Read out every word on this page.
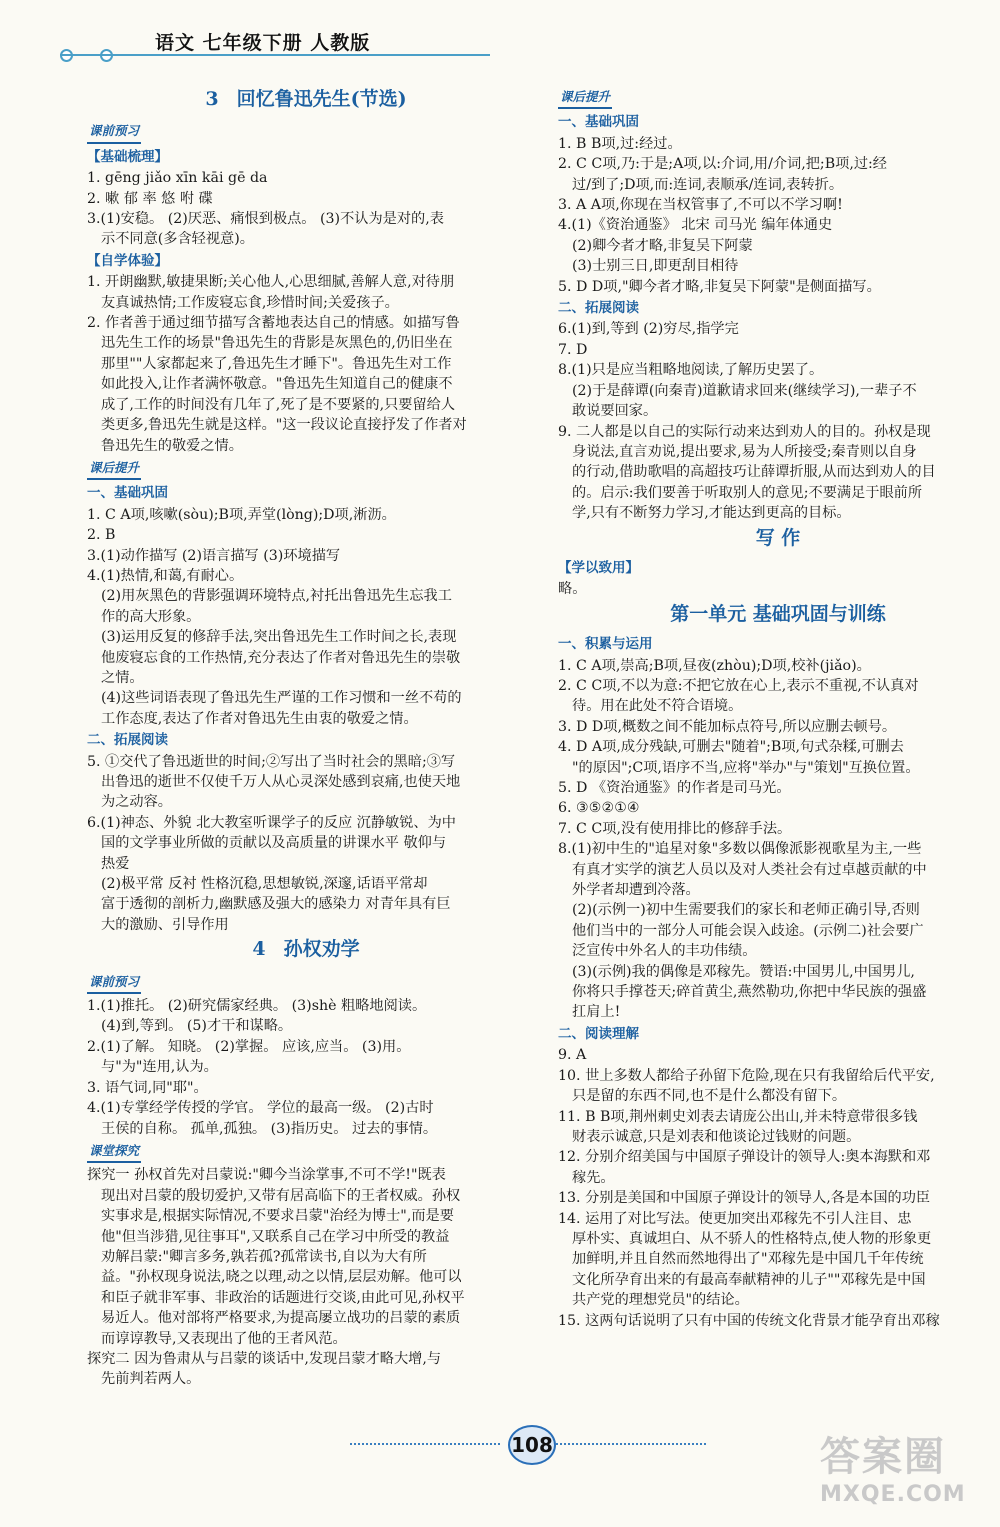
语文 七年级下册 人教版
3 回忆鲁迅先生(节选)
课前预习
【基础梳理】
1. gēng jiǎo xīn kāi gē da
2. 嗽 郁 率 悠 咐 碟
3.(1)安稳。 (2)厌恶、痛恨到极点。 (3)不认为是对的,表
示不同意(多含轻视意)。
【自学体验】
1. 开朗幽默,敏捷果断;关心他人,心思细腻,善解人意,对待朋
友真诚热情;工作废寝忘食,珍惜时间;关爱孩子。
2. 作者善于通过细节描写含蓄地表达自己的情感。如描写鲁
迅先生工作的场景"鲁迅先生的背影是灰黑色的,仍旧坐在
那里""人家都起来了,鲁迅先生才睡下"。鲁迅先生对工作
如此投入,让作者满怀敬意。"鲁迅先生知道自己的健康不
成了,工作的时间没有几年了,死了是不要紧的,只要留给人
类更多,鲁迅先生就是这样。"这一段议论直接抒发了作者对
鲁迅先生的敬爱之情。
课后提升
一、基础巩固
1. C A项,咳嗽(sòu);B项,弄堂(lòng);D项,淅沥。
2. B
3.(1)动作描写 (2)语言描写 (3)环境描写
4.(1)热情,和蔼,有耐心。
(2)用灰黑色的背影强调环境特点,衬托出鲁迅先生忘我工
作的高大形象。
(3)运用反复的修辞手法,突出鲁迅先生工作时间之长,表现
他废寝忘食的工作热情,充分表达了作者对鲁迅先生的崇敬
之情。
(4)这些词语表现了鲁迅先生严谨的工作习惯和一丝不苟的
工作态度,表达了作者对鲁迅先生由衷的敬爱之情。
二、拓展阅读
5. ①交代了鲁迅逝世的时间;②写出了当时社会的黑暗;③写
出鲁迅的逝世不仅使千万人从心灵深处感到哀痛,也使天地
为之动容。
6.(1)神态、外貌 北大教室听课学子的反应 沉静敏锐、为中
国的文学事业所做的贡献以及高质量的讲课水平 敬仰与
热爱
(2)极平常 反衬 性格沉稳,思想敏锐,深邃,话语平常却
富于透彻的剖析力,幽默感及强大的感染力 对青年具有巨
大的激励、引导作用
4 孙权劝学
课前预习
1.(1)推托。 (2)研究儒家经典。 (3)shè 粗略地阅读。
(4)到,等到。 (5)才干和谋略。
2.(1)了解。 知晓。 (2)掌握。 应该,应当。 (3)用。
与"为"连用,认为。
3. 语气词,同"耶"。
4.(1)专掌经学传授的学官。 学位的最高一级。 (2)古时
王侯的自称。 孤单,孤独。 (3)指历史。 过去的事情。
课堂探究
探究一 孙权首先对吕蒙说:"卿今当涂掌事,不可不学!"既表
现出对吕蒙的殷切爱护,又带有居高临下的王者权威。孙权
实事求是,根据实际情况,不要求吕蒙"治经为博士",而是要
他"但当涉猎,见往事耳",又联系自己在学习中所受的教益
劝解吕蒙:"卿言多务,孰若孤?孤常读书,自以为大有所
益。"孙权现身说法,晓之以理,动之以情,层层劝解。他可以
和臣子就非军事、非政治的话题进行交谈,由此可见,孙权平
易近人。他对部将严格要求,为提高屡立战功的吕蒙的素质
而谆谆教导,又表现出了他的王者风范。
探究二 因为鲁肃从与吕蒙的谈话中,发现吕蒙才略大增,与
先前判若两人。
课后提升
一、基础巩固
1. B B项,过:经过。
2. C C项,乃:于是;A项,以:介词,用/介词,把;B项,过:经
过/到了;D项,而:连词,表顺承/连词,表转折。
3. A A项,你现在当权管事了,不可以不学习啊!
4.(1)《资治通鉴》 北宋 司马光 编年体通史
(2)卿今者才略,非复吴下阿蒙
(3)士别三日,即更刮目相待
5. D D项,"卿今者才略,非复吴下阿蒙"是侧面描写。
二、拓展阅读
6.(1)到,等到 (2)穷尽,指学完
7. D
8.(1)只是应当粗略地阅读,了解历史罢了。
(2)于是薛谭(向秦青)道歉请求回来(继续学习),一辈子不
敢说要回家。
9. 二人都是以自己的实际行动来达到劝人的目的。孙权是现
身说法,直言劝说,提出要求,易为人所接受;秦青则以自身
的行动,借助歌唱的高超技巧让薛谭折服,从而达到劝人的目
的。启示:我们要善于听取别人的意见;不要满足于眼前所
学,只有不断努力学习,才能达到更高的目标。
写 作
【学以致用】
略。
第一单元 基础巩固与训练
一、积累与运用
1. C A项,崇高;B项,昼夜(zhòu);D项,校补(jiǎo)。
2. C C项,不以为意:不把它放在心上,表示不重视,不认真对
待。用在此处不符合语境。
3. D D项,概数之间不能加标点符号,所以应删去顿号。
4. D A项,成分残缺,可删去"随着";B项,句式杂糅,可删去
"的原因";C项,语序不当,应将"举办"与"策划"互换位置。
5. D 《资治通鉴》的作者是司马光。
6. ③⑤②①④
7. C C项,没有使用排比的修辞手法。
8.(1)初中生的"追星对象"多数以偶像派影视歌星为主,一些
有真才实学的演艺人员以及对人类社会有过卓越贡献的中
外学者却遭到冷落。
(2)(示例一)初中生需要我们的家长和老师正确引导,否则
他们当中的一部分人可能会误入歧途。(示例二)社会要广
泛宣传中外名人的丰功伟绩。
(3)(示例)我的偶像是邓稼先。赞语:中国男儿,中国男儿,
你将只手撑苍天;碎首黄尘,燕然勒功,你把中华民族的强盛
扛肩上!
二、阅读理解
9. A
10. 世上多数人都给子孙留下危险,现在只有我留给后代平安,
只是留的东西不同,也不是什么都没有留下。
11. B B项,荆州刺史刘表去请庞公出山,并未特意带很多钱
财表示诚意,只是刘表和他谈论过钱财的问题。
12. 分别介绍美国与中国原子弹设计的领导人:奥本海默和邓
稼先。
13. 分别是美国和中国原子弹设计的领导人,各是本国的功臣
14. 运用了对比写法。使更加突出邓稼先不引人注目、忠
厚朴实、真诚坦白、从不骄人的性格特点,使人物的形象更
加鲜明,并且自然而然地得出了"邓稼先是中国几千年传统
文化所孕育出来的有最高奉献精神的儿子""邓稼先是中国
共产党的理想党员"的结论。
15. 这两句话说明了只有中国的传统文化背景才能孕育出邓稼
108	答案圈
MXQE.COM
